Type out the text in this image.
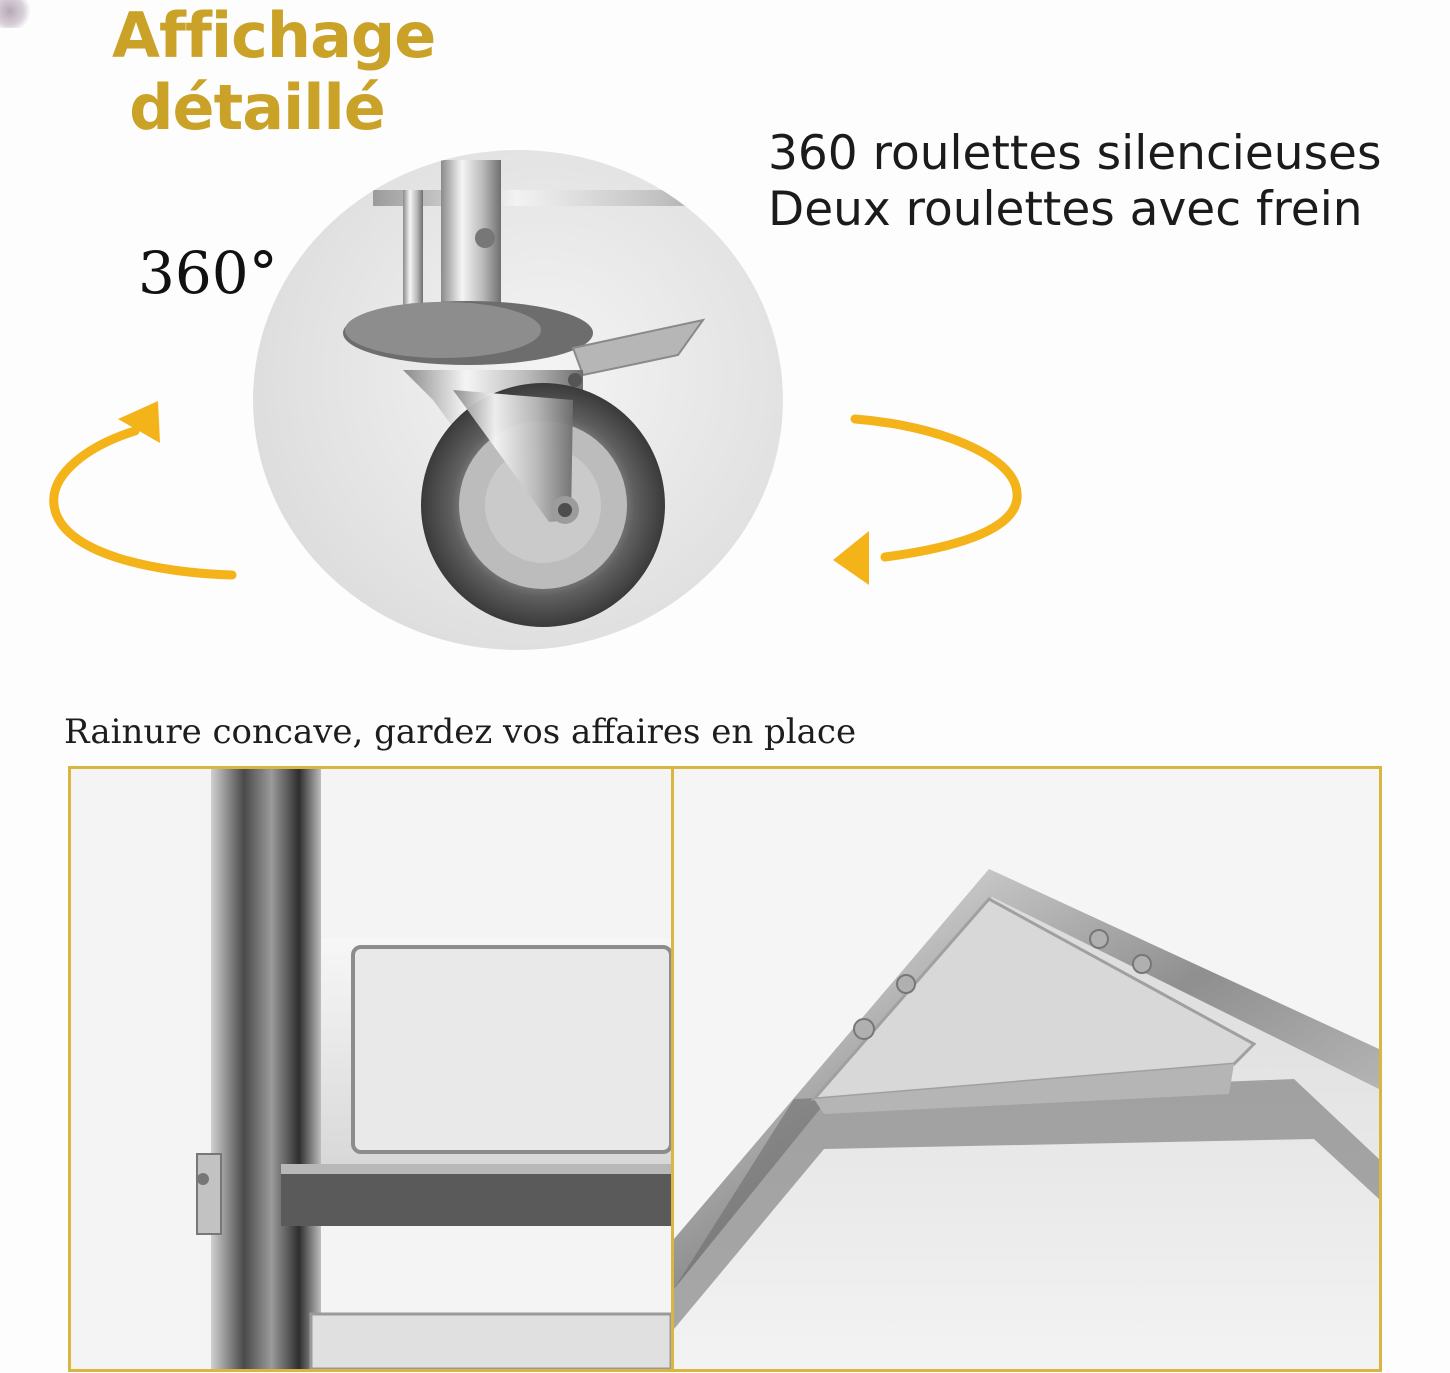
Affichage
détaillé
360 roulettes silencieuses
Deux roulettes avec frein
360°
Rainure concave, gardez vos affaires en place
